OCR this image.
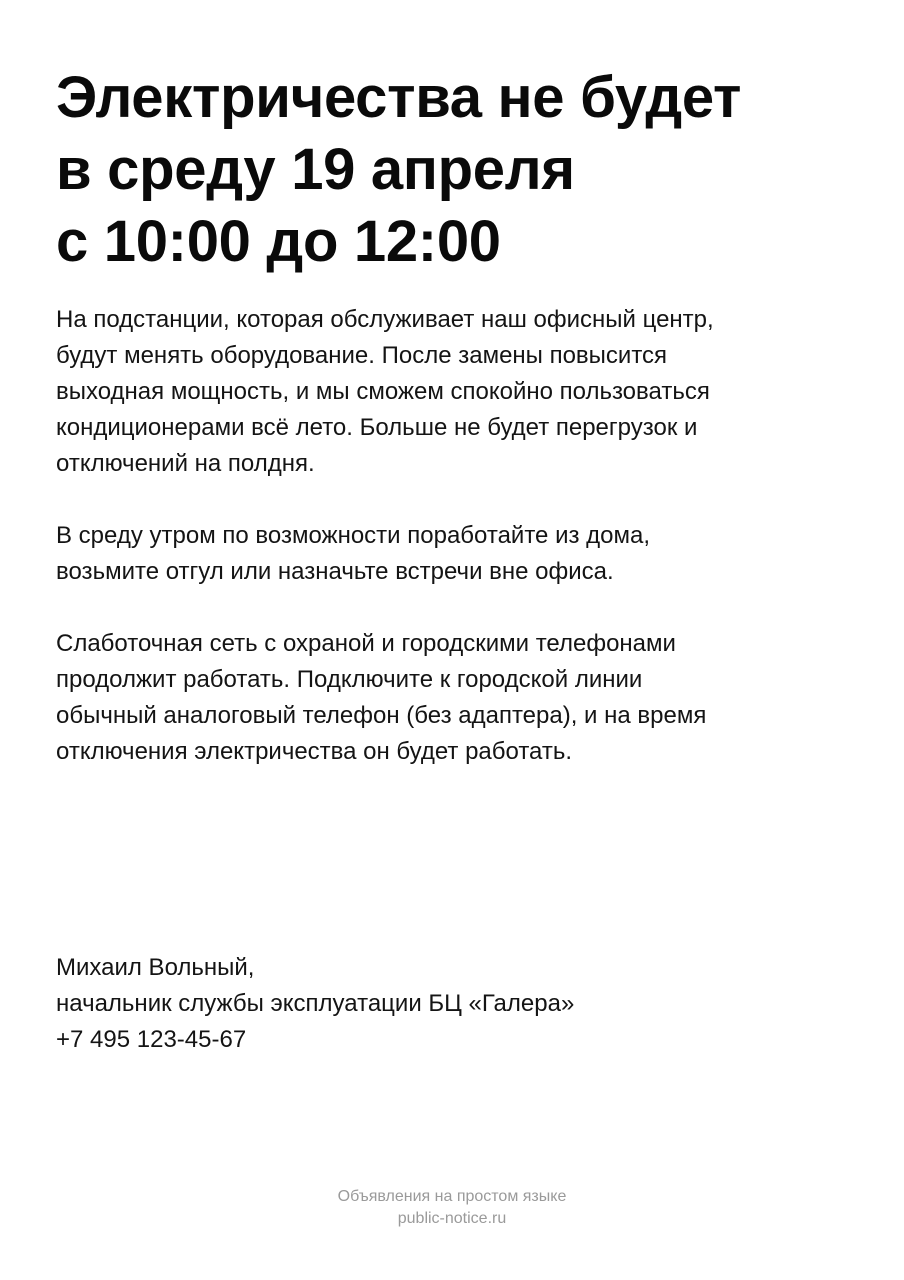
Электричества не будет
в среду 19 апреля
с 10:00 до 12:00
На подстанции, которая обслуживает наш офисный центр,
будут менять оборудование. После замены повысится
выходная мощность, и мы сможем спокойно пользоваться
кондиционерами всё лето. Больше не будет перегрузок и
отключений на полдня.
В среду утром по возможности поработайте из дома,
возьмите отгул или назначьте встречи вне офиса.
Слаботочная сеть с охраной и городскими телефонами
продолжит работать. Подключите к городской линии
обычный аналоговый телефон (без адаптера), и на время
отключения электричества он будет работать.
Михаил Вольный,
начальник службы эксплуатации БЦ «Галера»
+7 495 123-45-67
Объявления на простом языке
public-notice.ru
